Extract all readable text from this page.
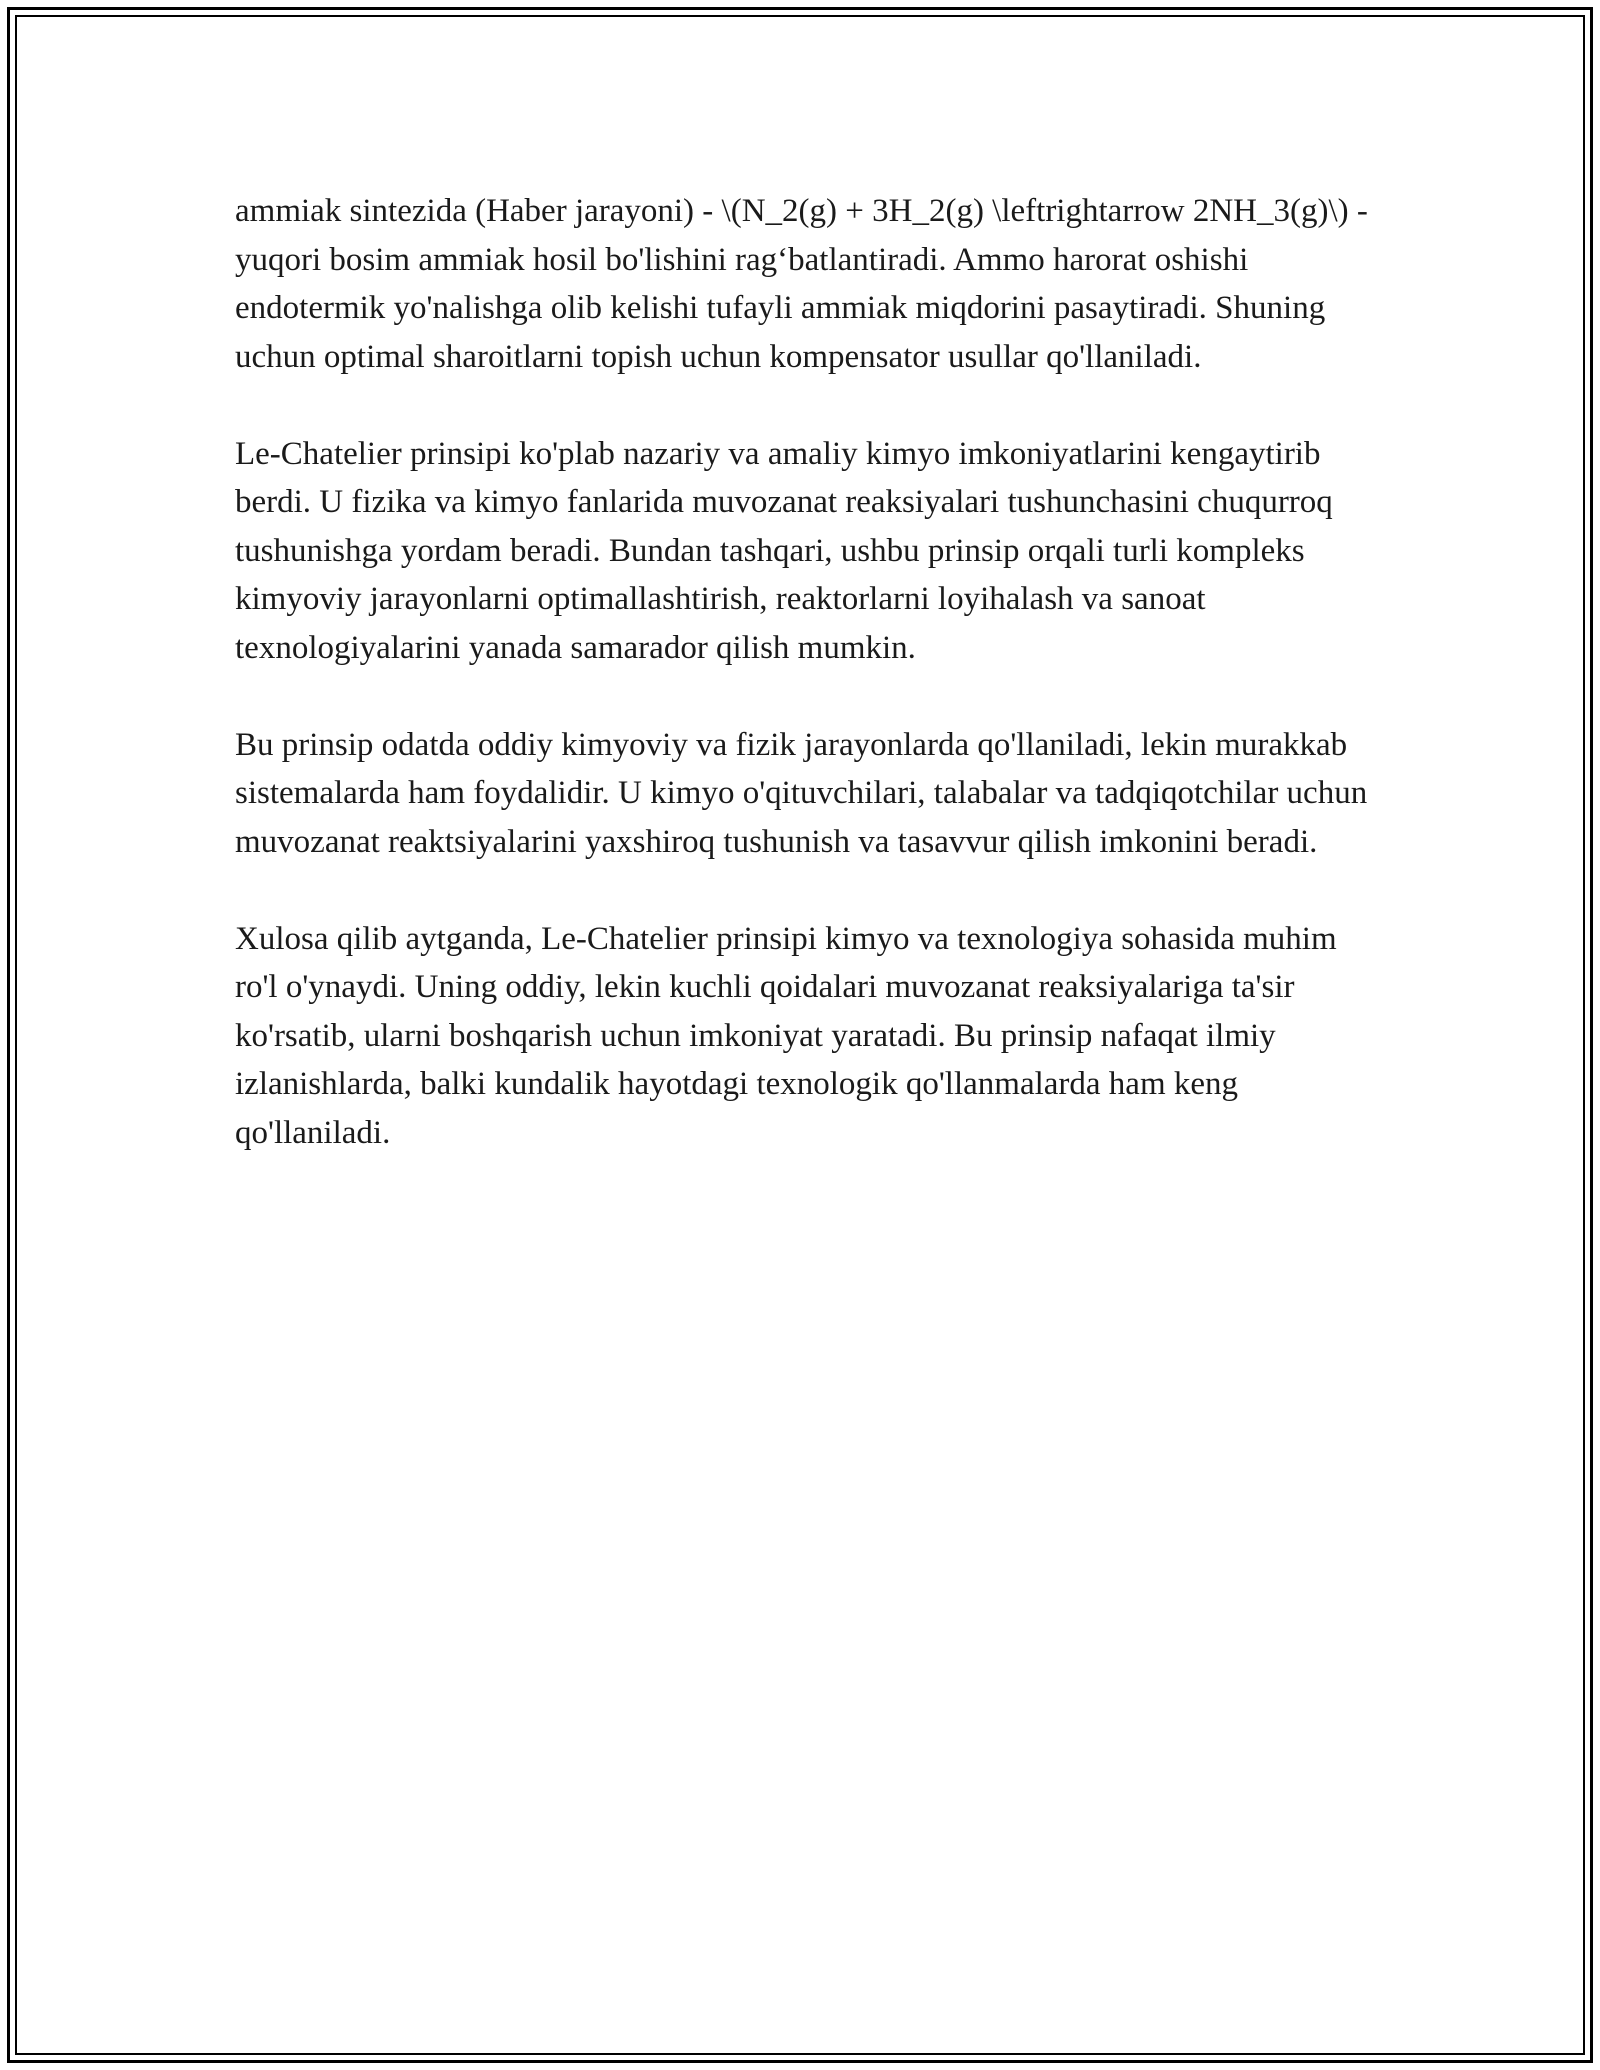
ammiak sintezida (Haber jarayoni) - \(N_2(g) + 3H_2(g) \leftrightarrow 2NH_3(g)\) - yuqori bosim ammiak hosil bo'lishini rag‘batlantiradi. Ammo harorat oshishi endotermik yo'nalishga olib kelishi tufayli ammiak miqdorini pasaytiradi. Shuning uchun optimal sharoitlarni topish uchun kompensator usullar qo'llaniladi.

Le-Chatelier prinsipi ko'plab nazariy va amaliy kimyo imkoniyatlarini kengaytirib berdi. U fizika va kimyo fanlarida muvozanat reaksiyalari tushunchasini chuqurroq tushunishga yordam beradi. Bundan tashqari, ushbu prinsip orqali turli kompleks kimyoviy jarayonlarni optimallashtirish, reaktorlarni loyihalash va sanoat texnologiyalarini yanada samarador qilish mumkin.

Bu prinsip odatda oddiy kimyoviy va fizik jarayonlarda qo'llaniladi, lekin murakkab sistemalarda ham foydalidir. U kimyo o'qituvchilari, talabalar va tadqiqotchilar uchun muvozanat reaktsiyalarini yaxshiroq tushunish va tasavvur qilish imkonini beradi.

Xulosa qilib aytganda, Le-Chatelier prinsipi kimyo va texnologiya sohasida muhim ro'l o'ynaydi. Uning oddiy, lekin kuchli qoidalari muvozanat reaksiyalariga ta'sir ko'rsatib, ularni boshqarish uchun imkoniyat yaratadi. Bu prinsip nafaqat ilmiy izlanishlarda, balki kundalik hayotdagi texnologik qo'llanmalarda ham keng qo'llaniladi.
